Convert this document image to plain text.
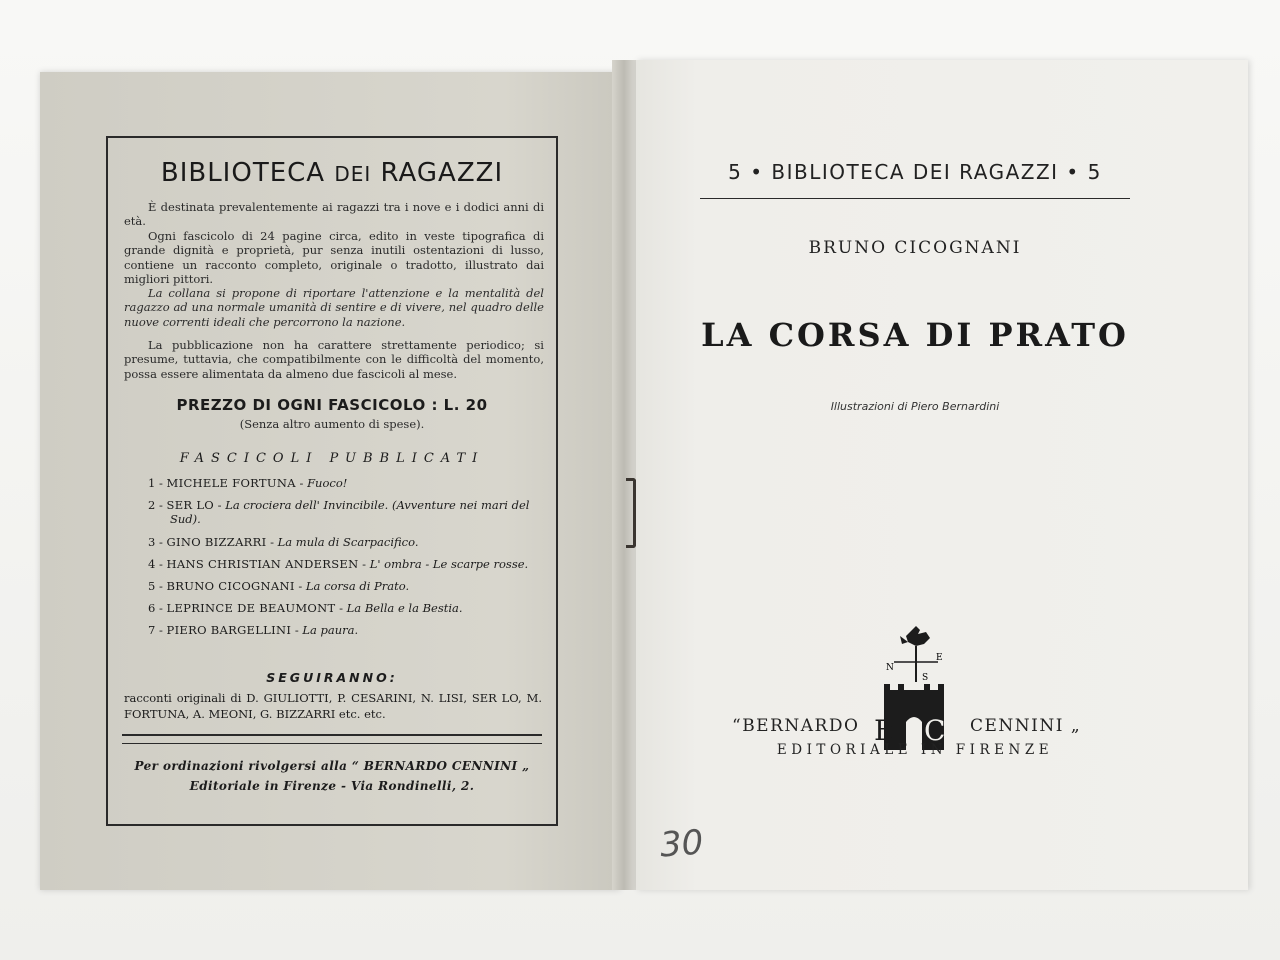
BIBLIOTECA DEI RAGAZZI
È destinata prevalentemente ai ragazzi tra i nove e i dodici anni di età.
Ogni fascicolo di 24 pagine circa, edito in veste tipografica di grande dignità e proprietà, pur senza inutili ostentazioni di lusso, contiene un racconto completo, originale o tradotto, illustrato dai migliori pittori.
La collana si propone di riportare l'attenzione e la mentalità del ragazzo ad una normale umanità di sentire e di vivere, nel quadro delle nuove correnti ideali che percorrono la nazione.
La pubblicazione non ha carattere strettamente periodico; si presume, tuttavia, che compatibilmente con le difficoltà del momento, possa essere alimentata da almeno due fascicoli al mese.
PREZZO DI OGNI FASCICOLO : L. 20
(Senza altro aumento di spese).
FASCICOLI PUBBLICATI
1 - MICHELE FORTUNA - Fuoco!
2 - SER LO - La crociera dell' Invincibile. (Avventure nei mari del Sud).
3 - GINO BIZZARRI - La mula di Scarpacifico.
4 - HANS CHRISTIAN ANDERSEN - L' ombra - Le scarpe rosse.
5 - BRUNO CICOGNANI - La corsa di Prato.
6 - LEPRINCE DE BEAUMONT - La Bella e la Bestia.
7 - PIERO BARGELLINI - La paura.
SEGUIRANNO:
racconti originali di D. GIULIOTTI, P. CESARINI, N. LISI, SER LO, M. FORTUNA, A. MEONI, G. BIZZARRI etc. etc.
Per ordinazioni rivolgersi alla “ BERNARDO CENNINI „
Editoriale in Firenze - Via Rondinelli, 2.
5 • BIBLIOTECA DEI RAGAZZI • 5
BRUNO CICOGNANI
LA CORSA DI PRATO
Illustrazioni di Piero Bernardini
N
E
S
B C
“BERNARDO	CENNINI „
EDITORIALE IN FIRENZE
30
